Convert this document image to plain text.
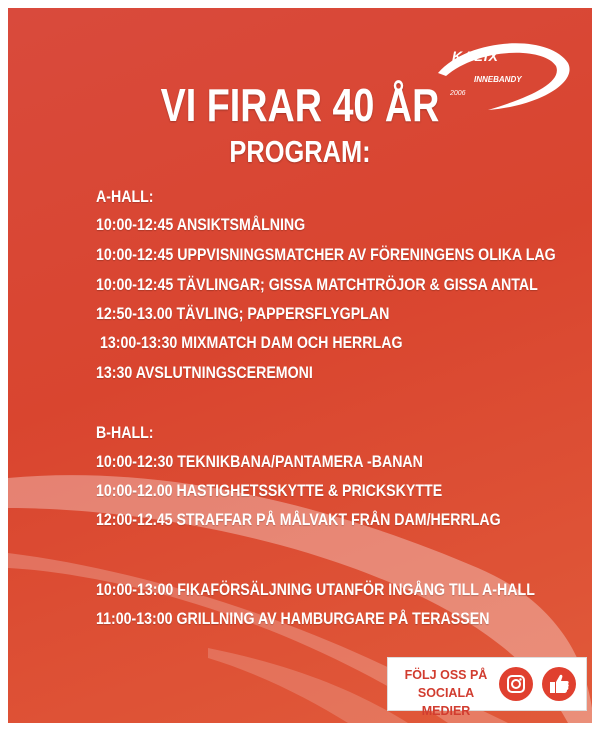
KALIX
INNEBANDY
2006
VI FIRAR 40 ÅR
PROGRAM:
A-HALL:
10:00-12:45 ANSIKTSMÅLNING
10:00-12:45 UPPVISNINGSMATCHER AV FÖRENINGENS OLIKA LAG
10:00-12:45 TÄVLINGAR; GISSA MATCHTRÖJOR & GISSA ANTAL
12:50-13.00 TÄVLING; PAPPERSFLYGPLAN
13:00-13:30 MIXMATCH DAM OCH HERRLAG
13:30 AVSLUTNINGSCEREMONI
B-HALL:
10:00-12:30 TEKNIKBANA/PANTAMERA -BANAN
10:00-12.00 HASTIGHETSSKYTTE & PRICKSKYTTE
12:00-12.45 STRAFFAR PÅ MÅLVAKT FRÅN DAM/HERRLAG
10:00-13:00 FIKAFÖRSÄLJNING UTANFÖR INGÅNG TILL A-HALL
11:00-13:00 GRILLNING AV HAMBURGARE PÅ TERASSEN
FÖLJ OSS PÅ
SOCIALA MEDIER
